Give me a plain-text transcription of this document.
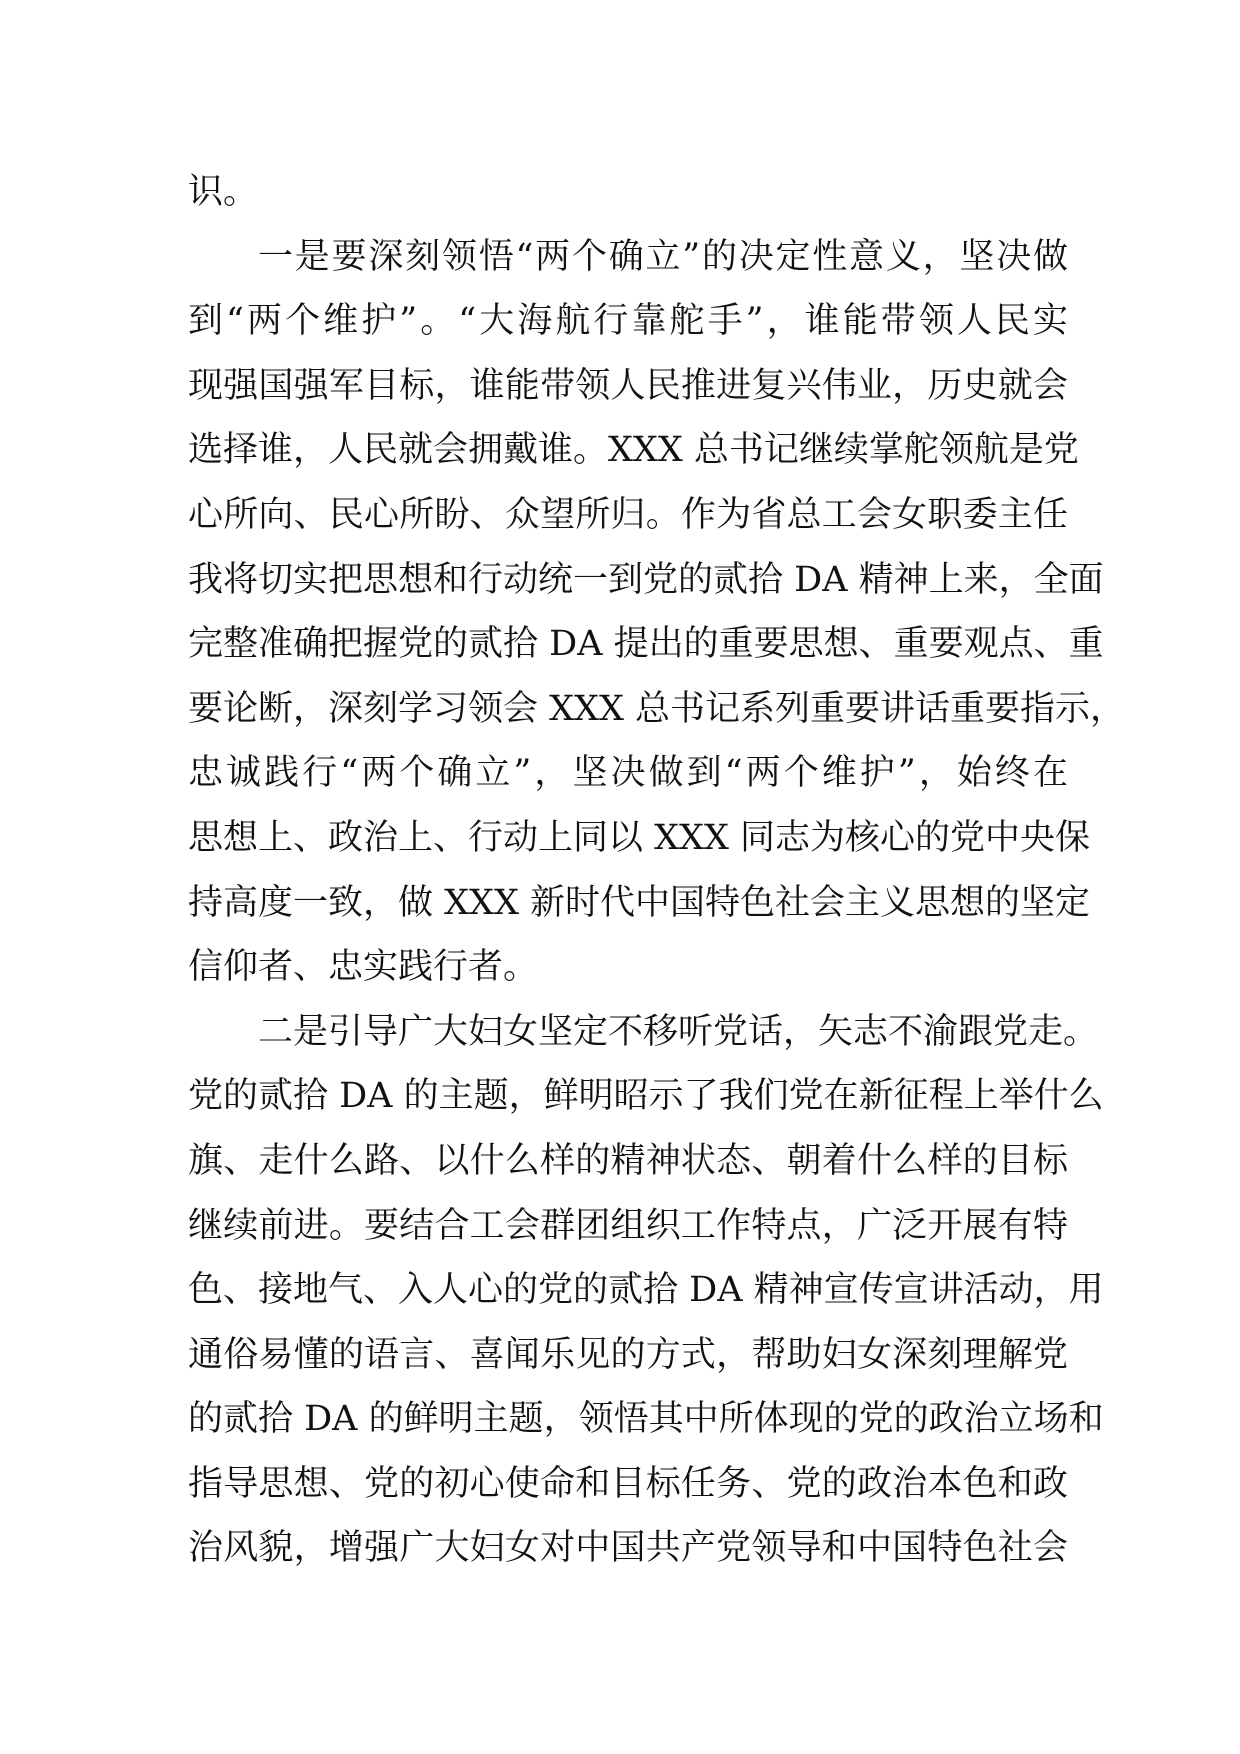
识。
一是要深刻领悟“两个确立”的决定性意义，坚决做
到“两个维护”。“大海航行靠舵手”，谁能带领人民实
现强国强军目标，谁能带领人民推进复兴伟业，历史就会
选择谁，人民就会拥戴谁。XXX 总书记继续掌舵领航是党
心所向、民心所盼、众望所归。作为省总工会女职委主任
我将切实把思想和行动统一到党的贰拾 DA 精神上来，全面
完整准确把握党的贰拾 DA 提出的重要思想、重要观点、重
要论断，深刻学习领会 XXX 总书记系列重要讲话重要指示，
忠诚践行“两个确立”，坚决做到“两个维护”，始终在
思想上、政治上、行动上同以 XXX 同志为核心的党中央保
持高度一致，做 XXX 新时代中国特色社会主义思想的坚定
信仰者、忠实践行者。
二是引导广大妇女坚定不移听党话，矢志不渝跟党走。
党的贰拾 DA 的主题，鲜明昭示了我们党在新征程上举什么
旗、走什么路、以什么样的精神状态、朝着什么样的目标
继续前进。要结合工会群团组织工作特点，广泛开展有特
色、接地气、入人心的党的贰拾 DA 精神宣传宣讲活动，用
通俗易懂的语言、喜闻乐见的方式，帮助妇女深刻理解党
的贰拾 DA 的鲜明主题，领悟其中所体现的党的政治立场和
指导思想、党的初心使命和目标任务、党的政治本色和政
治风貌，增强广大妇女对中国共产党领导和中国特色社会
